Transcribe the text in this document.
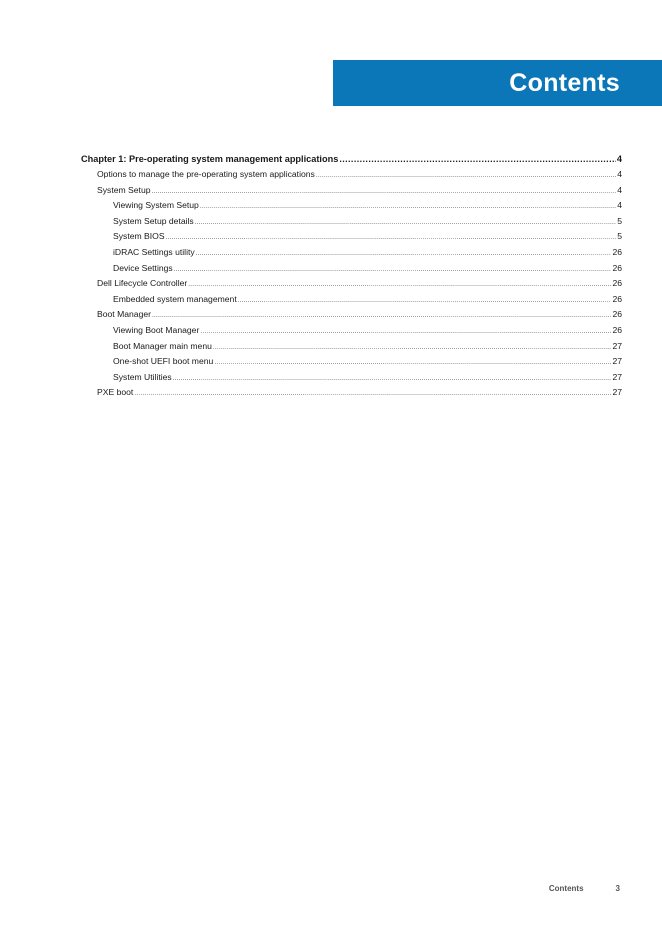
Contents
Chapter 1: Pre-operating system management applications .....	4
Options to manage the pre-operating system applications .....	4
System Setup .....	4
Viewing System Setup .....	4
System Setup details .....	5
System BIOS .....	5
iDRAC Settings utility .....	26
Device Settings .....	26
Dell Lifecycle Controller .....	26
Embedded system management .....	26
Boot Manager .....	26
Viewing Boot Manager .....	26
Boot Manager main menu .....	27
One-shot UEFI boot menu .....	27
System Utilities .....	27
PXE boot .....	27
Contents	3
